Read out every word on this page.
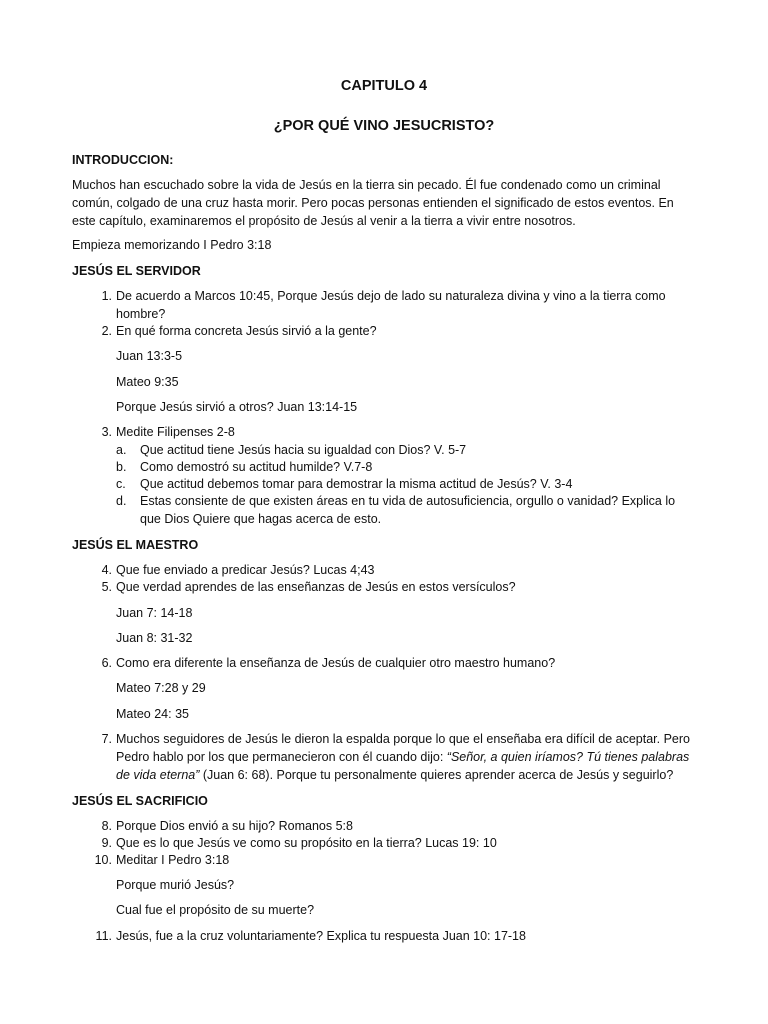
CAPITULO 4
¿POR QUÉ VINO JESUCRISTO?
INTRODUCCION:
Muchos han escuchado sobre la vida de Jesús en la tierra sin pecado. Él fue condenado como un criminal común, colgado de una cruz hasta morir. Pero pocas personas entienden el significado de estos eventos. En este capítulo, examinaremos el propósito de Jesús al venir a la tierra a vivir entre nosotros.
Empieza memorizando I Pedro 3:18
JESÚS EL SERVIDOR
1. De acuerdo a Marcos 10:45, Porque Jesús dejo de lado su naturaleza divina y vino a la tierra como hombre?
2. En qué forma concreta Jesús sirvió a la gente?
Juan 13:3-5
Mateo 9:35
Porque Jesús sirvió a otros? Juan 13:14-15
3. Medite Filipenses 2-8
a.	Que actitud tiene Jesús hacia su igualdad con Dios? V. 5-7
b.	Como demostró su actitud humilde? V.7-8
c.	Que actitud debemos tomar para demostrar la misma actitud de Jesús? V. 3-4
d.	Estas consiente de que existen áreas en tu vida de autosuficiencia, orgullo o vanidad? Explica lo que Dios Quiere que hagas acerca de esto.
JESÚS EL MAESTRO
4. Que fue enviado a predicar Jesús? Lucas 4;43
5. Que verdad aprendes de las enseñanzas de Jesús en estos versículos?
Juan 7: 14-18
Juan 8: 31-32
6. Como era diferente la enseñanza de Jesús de cualquier otro maestro humano?
Mateo 7:28 y 29
Mateo 24: 35
7. Muchos seguidores de Jesús le dieron la espalda porque lo que el enseñaba era difícil de aceptar. Pero Pedro hablo por los que permanecieron con él cuando dijo: “Señor, a quien iríamos? Tú tienes palabras de vida eterna” (Juan 6: 68). Porque tu personalmente quieres aprender acerca de Jesús y seguirlo?
JESÚS EL SACRIFICIO
8. Porque Dios envió a su hijo? Romanos 5:8
9. Que es lo que Jesús ve como su propósito en la tierra? Lucas 19: 10
10. Meditar I Pedro 3:18
Porque murió Jesús?
Cual fue el propósito de su muerte?
11. Jesús, fue a la cruz voluntariamente? Explica tu respuesta Juan 10: 17-18
